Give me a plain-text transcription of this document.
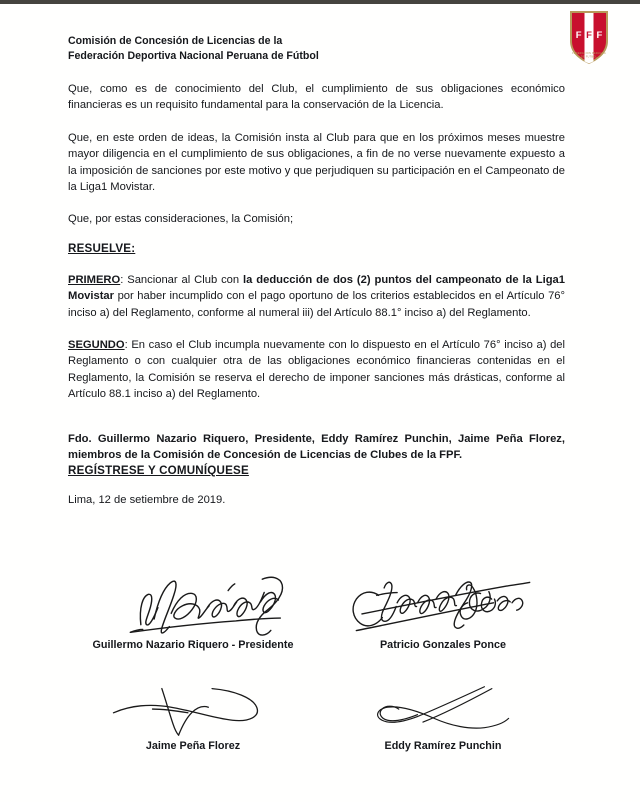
F F F
FEDERACION PERUANA
DE FUTBOL
Comisión de Concesión de Licencias de la
Federación Deportiva Nacional Peruana de Fútbol

Que, como es de conocimiento del Club, el cumplimiento de sus obligaciones económico financieras es un requisito fundamental para la conservación de la Licencia.

Que, en este orden de ideas, la Comisión insta al Club para que en los próximos meses muestre mayor diligencia en el cumplimiento de sus obligaciones, a fin de no verse nuevamente expuesto a la imposición de sanciones por este motivo y que perjudiquen su participación en el Campeonato de la Liga1 Movistar.

Que, por estas consideraciones, la Comisión;

RESUELVE:

PRIMERO: Sancionar al Club con la deducción de dos (2) puntos del campeonato de la Liga1 Movistar por haber incumplido con el pago oportuno de los criterios establecidos en el Artículo 76° inciso a) del Reglamento, conforme al numeral iii) del Artículo 88.1° inciso a) del Reglamento.

SEGUNDO: En caso el Club incumpla nuevamente con lo dispuesto en el Artículo 76° inciso a) del Reglamento o con cualquier otra de las obligaciones económico financieras contenidas en el Reglamento, la Comisión se reserva el derecho de imponer sanciones más drásticas, conforme al Artículo 88.1 inciso a) del Reglamento.

Fdo. Guillermo Nazario Riquero, Presidente, Eddy Ramírez Punchin, Jaime Peña Florez, miembros de la Comisión de Concesión de Licencias de Clubes de la FPF.

REGÍSTRESE Y COMUNÍQUESE

Lima, 12 de setiembre de 2019.

Guillermo Nazario Riquero - Presidente	Patricio Gonzales Ponce
Jaime Peña Florez	Eddy Ramírez Punchin
